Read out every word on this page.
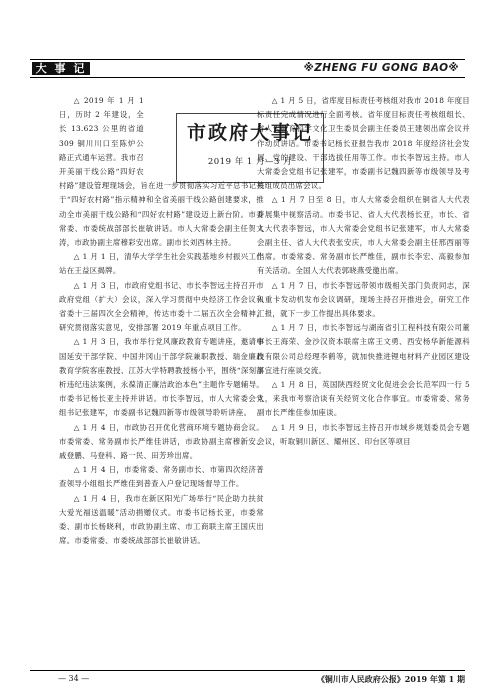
大 事 记	※ZHENG FU GONG BAO※
市政府大事记
2019 年 1 月—3 月

△ 2019 年 1 月 1 日，历时 2 年建设，全长 13.623 公里的省道 309 铜川川口至陈炉公路正式通车运营。我市召开美丽干线公路“四好农村路”建设管理现场会，旨在进一步贯彻落实习近平总书记关于“四好农村路”指示精神和全省美丽干线公路创建要求，推动全市美丽干线公路和“四好农村路”建设迈上新台阶。市委常委、市委统战部部长崔敏讲话。市人大常委会副主任贺文涛，市政协副主席穆彩安出席。副市长刘西林主持。

△ 1 月 1 日，清华大学学生社会实践基地乡村振兴工作站在王益区揭牌。

△ 1 月 3 日，市政府党组书记、市长李智远主持召开市政府党组（扩大）会议，深入学习贯彻中央经济工作会议和省委十三届四次全会精神，传达市委十二届五次全会精神，研究贯彻落实意见，安排部署 2019 年重点项目工作。

△ 1 月 3 日，我市举行党风廉政教育专题讲座，邀请中国延安干部学院、中国井冈山干部学院兼职教授、瑞金廉政教育学院客座教授、江苏大学特聘教授杨小平，围绕“深刻剖析违纪违法案例，永葆清正廉洁政治本色”主题作专题辅导。市委书记杨长亚主持并讲话。市长李智远，市人大常委会党组书记张建军，市委副书记魏四新等市级领导聆听讲座。

△ 1 月 4 日，市政协召开优化营商环境专题协商会议。市委常委、常务副市长严维佳讲话，市政协副主席穆新安、戚登鹏、马登科、路一民、田芳珍出席。

△ 1 月 4 日，市委常委、常务副市长、市第四次经济普查领导小组组长严维佳到普查入户登记现场督导工作。

△ 1 月 4 日，我市在新区阳光广场举行“民企助力扶贫 大爱光福送温暖”活动捐赠仪式。市委书记杨长亚，市委常委、副市长杨晓利，市政协副主席、市工商联主席王国庆出席。市委常委、市委统战部部长崔敏讲话。

△ 1 月 5 日，省库度目标责任考核组对我市 2018 年度目标责任完成情况进行全面考核。省年度目标责任考核组组长、省人大教育科学文化卫生委员会副主任委员王建领出席会议并作动员讲话。市委书记杨长亚报告我市 2018 年度经济社会发展、党的建设、干部选拔任用等工作。市长李智远主持。市人大常委会党组书记张建军，市委副书记魏四新等市级领导及考核组成员出席会议。

△ 1 月 7 日至 8 日，市人大常委会组织在铜省人大代表开展集中视察活动。市委书记、省人大代表杨长亚，市长、省人大代表李智远，市人大常委会党组书记张建军，市人大常委会副主任、省人大代表张安庆，市人大常委会副主任邢西丽等出席。市委常委、常务副市长严维佳，副市长李宏、高毅参加有关活动。全国人大代表郭晓燕受邀出席。

△ 1 月 7 日，市长李智远带领市级相关部门负责同志，深入重卡发动机发布会议调研，现场主持召开推进会，研究工作汇报，就下一步工作提出具体要求。

△ 1 月 7 日，市长李智远与湖南省引工程科技有限公司董事长王海荣、金沙汉资本联席主席王文勇、西安杨华新能源科技有限公司总经理李鹤等，就加快推进锂电材料产业园区建设事宜进行座谈交流。

△ 1 月 8 日，英国陕西经贸文化促进会会长范军四一行 5 人，来我市考察洽谈有关经贸文化合作事宜。市委常委、常务副市长严维佳参加座谈。

△ 1 月 9 日，市长李智远主持召开市域乡规划委员会专题会议，听取铜川新区、耀州区、印台区等项目

— 34 —	《铜川市人民政府公报》2019 年第 1 期
